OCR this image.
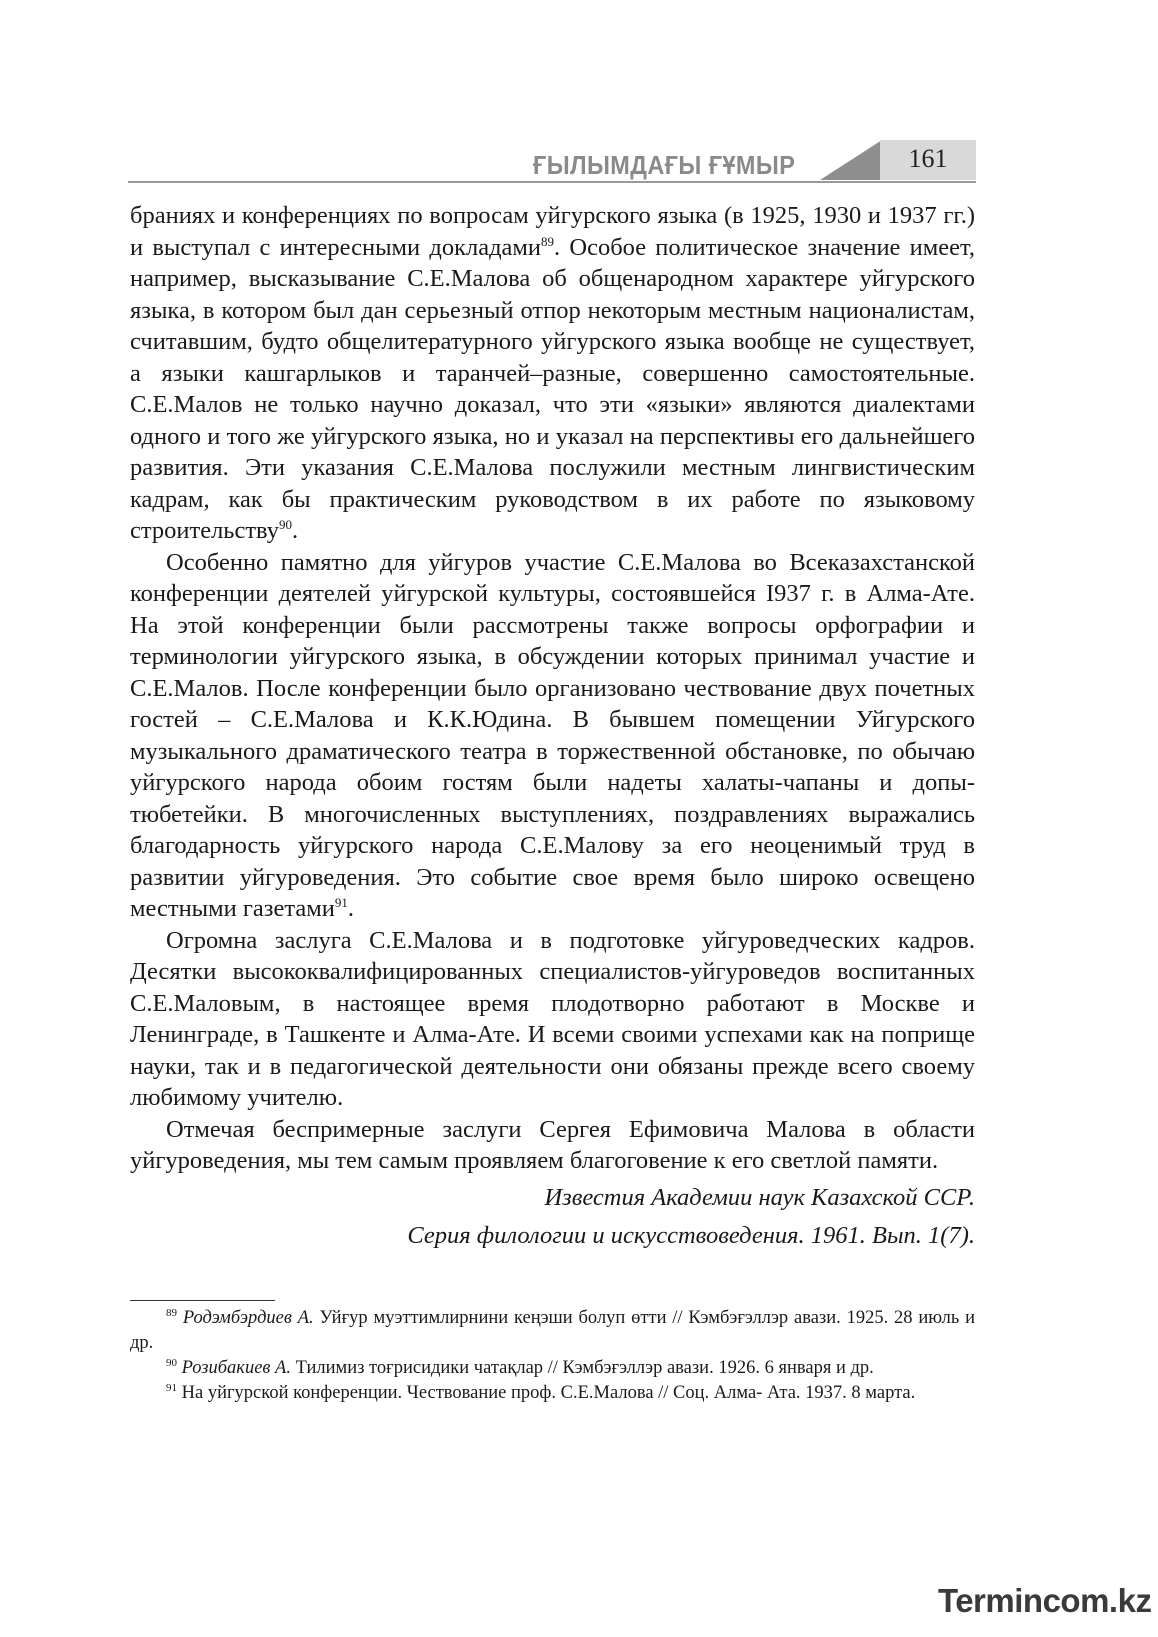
ҒЫЛЫМДАҒЫ ҒҰМЫР	161

браниях и конференциях по вопросам уйгурского языка (в 1925, 1930 и 1937 гг.) и выступал с интересными докладами$^{89}$. Особое политическое значение имеет, например, высказывание С.Е.Малова об общенародном характере уйгурского языка, в котором был дан серьезный отпор некоторым местным националистам, считавшим, будто общелитературного уйгурского языка вообще не существует, а языки кашгарлыков и таранчей–разные, совершенно самостоятельные. С.Е.Малов не только научно доказал, что эти «языки» являются диалектами одного и того же уйгурского языка, но и указал на перспективы его дальнейшего развития. Эти указания С.Е.Малова послужили местным лингвистическим кадрам, как бы практическим руководством в их работе по языковому строительству$^{90}$.

Особенно памятно для уйгуров участие С.Е.Малова во Всеказахстанской конференции деятелей уйгурской культуры, состоявшейся I937 г. в Алма-Ате. На этой конференции были рассмотрены также вопросы орфографии и терминологии уйгурского языка, в обсуждении которых принимал участие и С.Е.Малов. После конференции было организовано чествование двух почетных гостей – С.Е.Малова и К.К.Юдина. В бывшем помещении Уйгурского музыкального драматического театра в торжественной обстановке, по обычаю уйгурского народа обоим гостям были надеты халаты-чапаны и допы-тюбетейки. В многочисленных выступлениях, поздравлениях выражались благодарность уйгурского народа С.Е.Малову за его неоценимый труд в развитии уйгуроведения. Это событие свое время было широко освещено местными газетами$^{91}$.

Огромна заслуга С.Е.Малова и в подготовке уйгуроведческих кадров. Десятки высококвалифицированных специалистов-уйгуроведов воспитанных С.Е.Маловым, в настоящее время плодотворно работают в Москве и Ленинграде, в Ташкенте и Алма-Ате. И всеми своими успехами как на поприще науки, так и в педагогической деятельности они обязаны прежде всего своему любимому учителю.

Отмечая беспримерные заслуги Сергея Ефимовича Малова в области уйгуроведения, мы тем самым проявляем благоговение к его светлой памяти.

Известия Академии наук Казахской ССР.
Серия филологии и искусствоведения. 1961. Вып. 1(7).

$^{89}$ Родэмбэрдиев А. Уйғур муэттимлирнини кеңэши болуп өтти // Кэмбэғэллэр авази. 1925. 28 июль и др.

$^{90}$ Розибакиев А. Тилимиз тоғрисидики чатақлар // Кэмбэғэллэр авази. 1926. 6 января и др.

$^{91}$ На уйгурской конференции. Чествование проф. С.Е.Малова // Соц. Алма- Ата. 1937. 8 марта.

Termincom.kz
